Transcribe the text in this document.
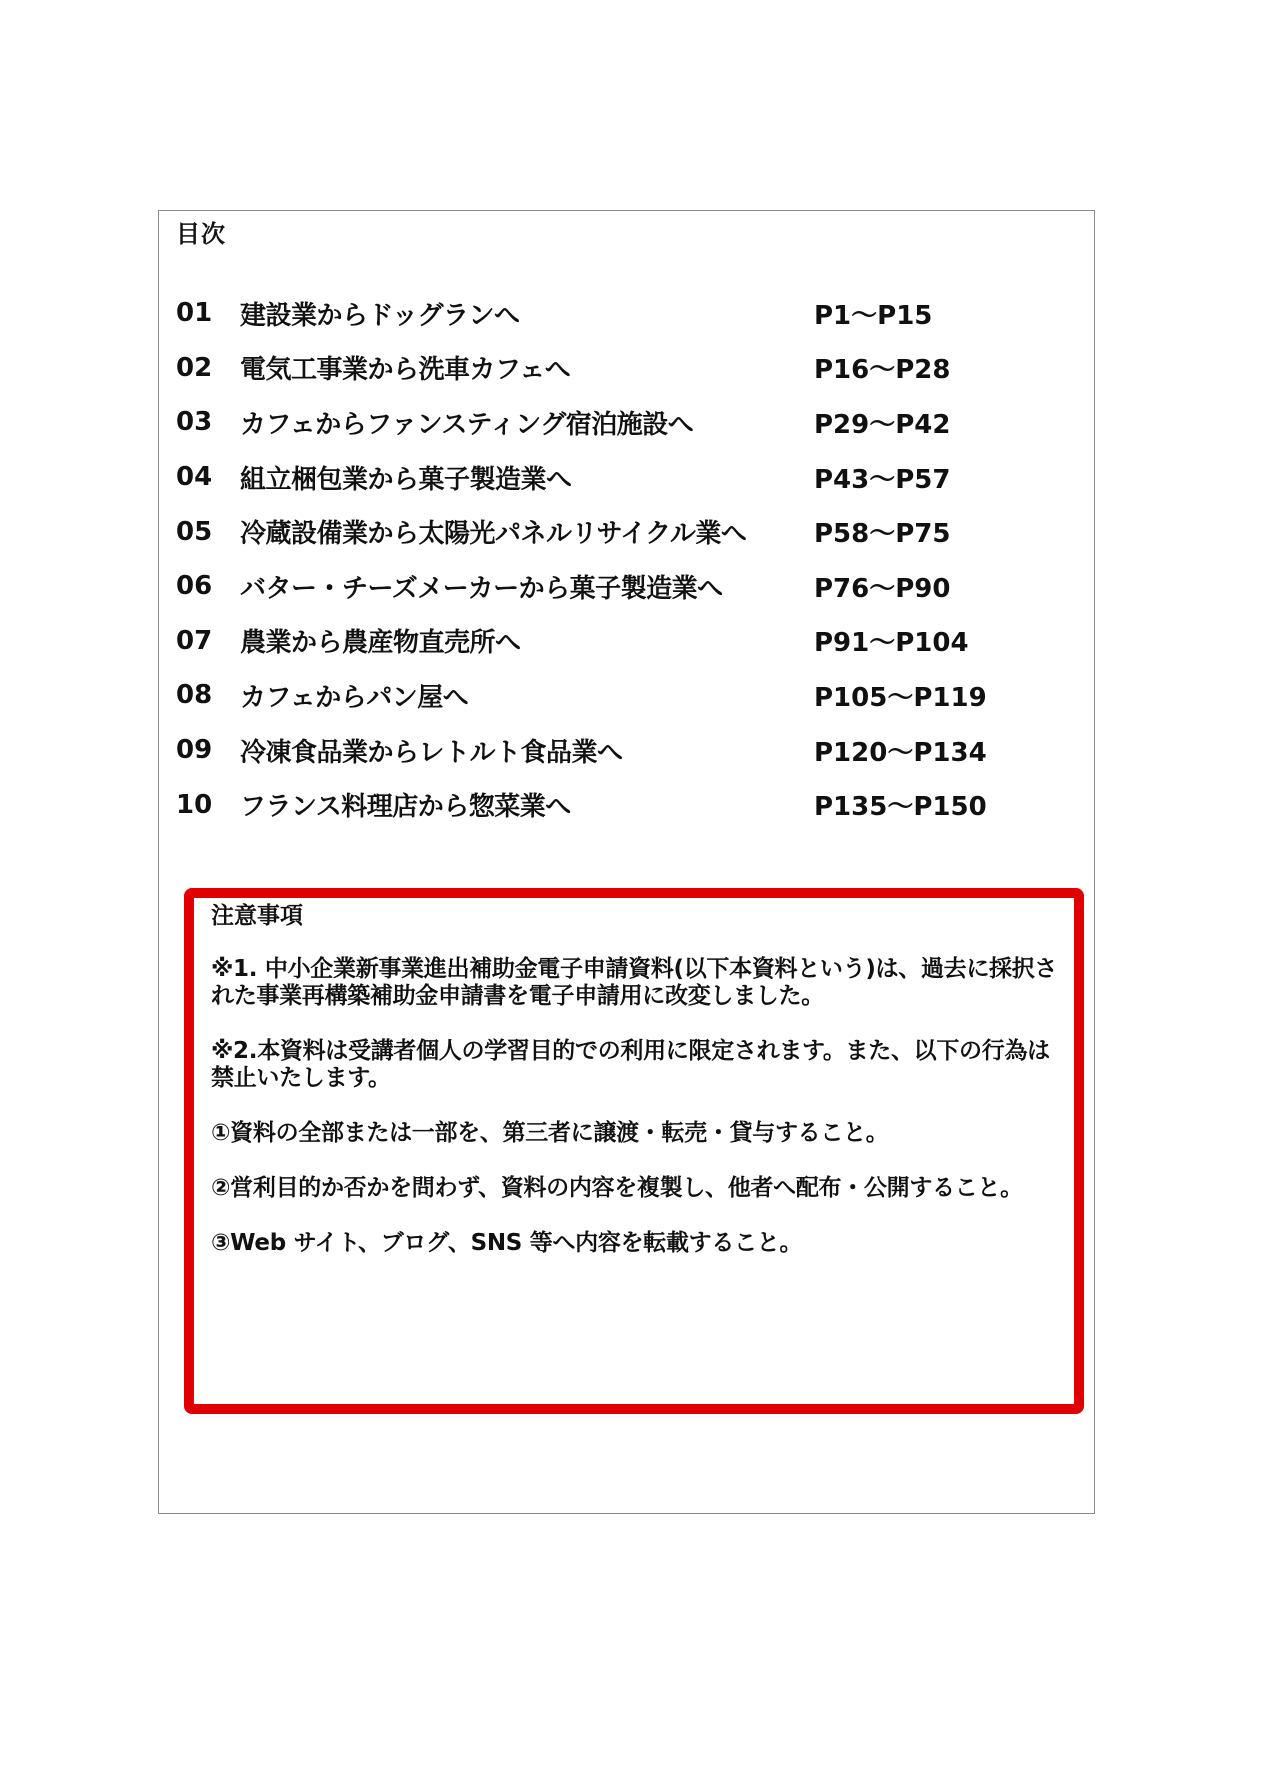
目次
01	建設業からドッグランへ	P1～P15
02	電気工事業から洗車カフェへ	P16～P28
03	カフェからファンスティング宿泊施設へ	P29～P42
04	組立梱包業から菓子製造業へ	P43～P57
05	冷蔵設備業から太陽光パネルリサイクル業へ	P58～P75
06	バター・チーズメーカーから菓子製造業へ	P76～P90
07	農業から農産物直売所へ	P91～P104
08	カフェからパン屋へ	P105～P119
09	冷凍食品業からレトルト食品業へ	P120～P134
10	フランス料理店から惣菜業へ	P135～P150

注意事項

※1. 中小企業新事業進出補助金電子申請資料(以下本資料という)は、過去に採択された事業再構築補助金申請書を電子申請用に改変しました。

※2.本資料は受講者個人の学習目的での利用に限定されます。また、以下の行為は禁止いたします。

①資料の全部または一部を、第三者に譲渡・転売・貸与すること。

②営利目的か否かを問わず、資料の内容を複製し、他者へ配布・公開すること。

③Web サイト、ブログ、SNS 等へ内容を転載すること。
